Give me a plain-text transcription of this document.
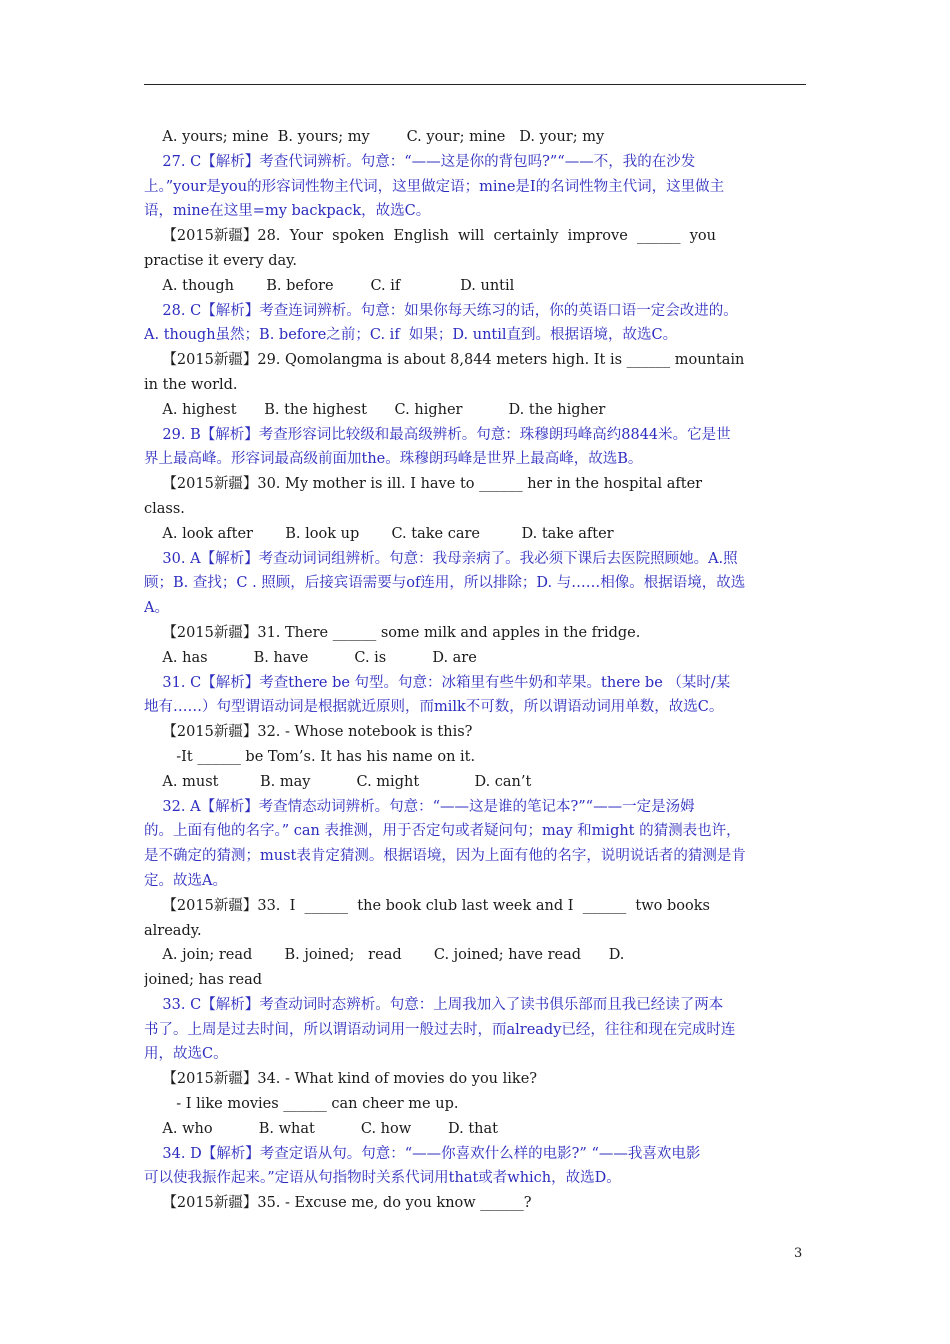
A. yours; mine  B. yours; my        C. your; mine   D. your; my
27. C【解析】考查代词辨析。句意：“——这是你的背包吗?”“——不，我的在沙发
上。”your是you的形容词性物主代词，这里做定语；mine是I的名词性物主代词，这里做主
语，mine在这里=my backpack，故选C。
【2015新疆】28.  Your  spoken  English  will  certainly  improve  ______  you
practise it every day.
A. though       B. before        C. if             D. until
28. C【解析】考查连词辨析。句意：如果你每天练习的话，你的英语口语一定会改进的。
A. though虽然；B. before之前；C. if  如果；D. until直到。根据语境，故选C。
【2015新疆】29. Qomolangma is about 8,844 meters high. It is ______ mountain
in the world.
A. highest      B. the highest      C. higher          D. the higher
29. B【解析】考查形容词比较级和最高级辨析。句意：珠穆朗玛峰高约8844米。它是世
界上最高峰。形容词最高级前面加the。珠穆朗玛峰是世界上最高峰，故选B。
【2015新疆】30. My mother is ill. I have to ______ her in the hospital after
class.
A. look after       B. look up       C. take care         D. take after
30. A【解析】考查动词词组辨析。句意：我母亲病了。我必须下课后去医院照顾她。A.照
顾；B. 查找；C . 照顾，后接宾语需要与of连用，所以排除；D. 与……相像。根据语境，故选
A。
【2015新疆】31. There ______ some milk and apples in the fridge.
A. has          B. have          C. is          D. are
31. C【解析】考查there be 句型。句意：冰箱里有些牛奶和苹果。there be （某时/某
地有……）句型谓语动词是根据就近原则，而milk不可数，所以谓语动词用单数，故选C。
【2015新疆】32. - Whose notebook is this?
-It ______ be Tom’s. It has his name on it.
A. must         B. may          C. might            D. can’t
32. A【解析】考查情态动词辨析。句意：“——这是谁的笔记本?”“——一定是汤姆
的。上面有他的名字。” can 表推测，用于否定句或者疑问句；may 和might 的猜测表也许，
是不确定的猜测；must表肯定猜测。根据语境，因为上面有他的名字，说明说话者的猜测是肯
定。故选A。
【2015新疆】33.  I  ______  the book club last week and I  ______  two books
already.
A. join; read       B. joined;   read       C. joined; have read      D.
joined; has read
33. C【解析】考查动词时态辨析。句意：上周我加入了读书俱乐部而且我已经读了两本
书了。上周是过去时间，所以谓语动词用一般过去时，而already已经，往往和现在完成时连
用，故选C。
【2015新疆】34. - What kind of movies do you like?
- I like movies ______ can cheer me up.
A. who          B. what          C. how        D. that
34. D【解析】考查定语从句。句意：“——你喜欢什么样的电影?” “——我喜欢电影
可以使我振作起来。”定语从句指物时关系代词用that或者which，故选D。
【2015新疆】35. - Excuse me, do you know ______?
3
